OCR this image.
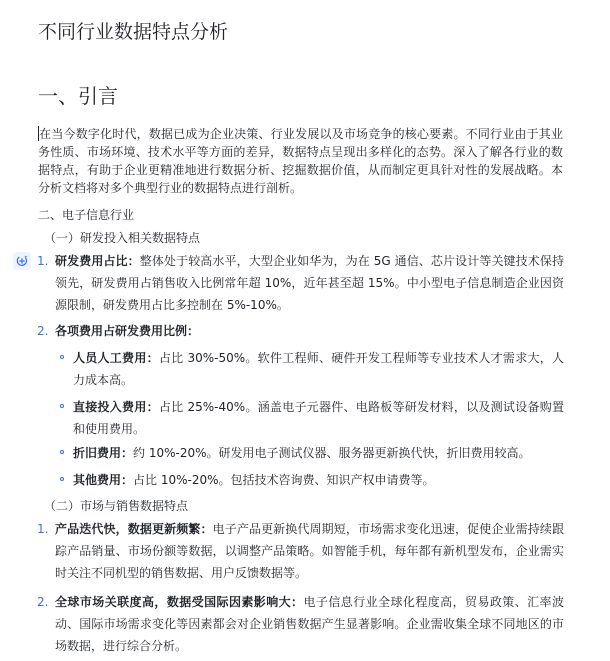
不同行业数据特点分析
一、引言

在当今数字化时代，数据已成为企业决策、行业发展以及市场竞争的核心要素。不同行业由于其业务性质、市场环境、技术水平等方面的差异，数据特点呈现出多样化的态势。深入了解各行业的数据特点，有助于企业更精准地进行数据分析、挖掘数据价值，从而制定更具针对性的发展战略。本分析文档将对多个典型行业的数据特点进行剖析。

二、电子信息行业
（一）研发投入相关数据特点
1. 研发费用占比：整体处于较高水平，大型企业如华为，为在 5G 通信、芯片设计等关键技术保持领先，研发费用占销售收入比例常年超 10%，近年甚至超 15%。中小型电子信息制造企业因资源限制，研发费用占比多控制在 5%-10%。
2. 各项费用占研发费用比例：
人员人工费用：占比 30%-50%。软件工程师、硬件开发工程师等专业技术人才需求大，人力成本高。
直接投入费用：占比 25%-40%。涵盖电子元器件、电路板等研发材料，以及测试设备购置和使用费用。
折旧费用：约 10%-20%。研发用电子测试仪器、服务器更新换代快，折旧费用较高。
其他费用：占比 10%-20%。包括技术咨询费、知识产权申请费等。
（二）市场与销售数据特点
1. 产品迭代快，数据更新频繁：电子产品更新换代周期短，市场需求变化迅速，促使企业需持续跟踪产品销量、市场份额等数据，以调整产品策略。如智能手机，每年都有新机型发布，企业需实时关注不同机型的销售数据、用户反馈数据等。
2. 全球市场关联度高，数据受国际因素影响大：电子信息行业全球化程度高，贸易政策、汇率波动、国际市场需求变化等因素都会对企业销售数据产生显著影响。企业需收集全球不同地区的市场数据，进行综合分析。
